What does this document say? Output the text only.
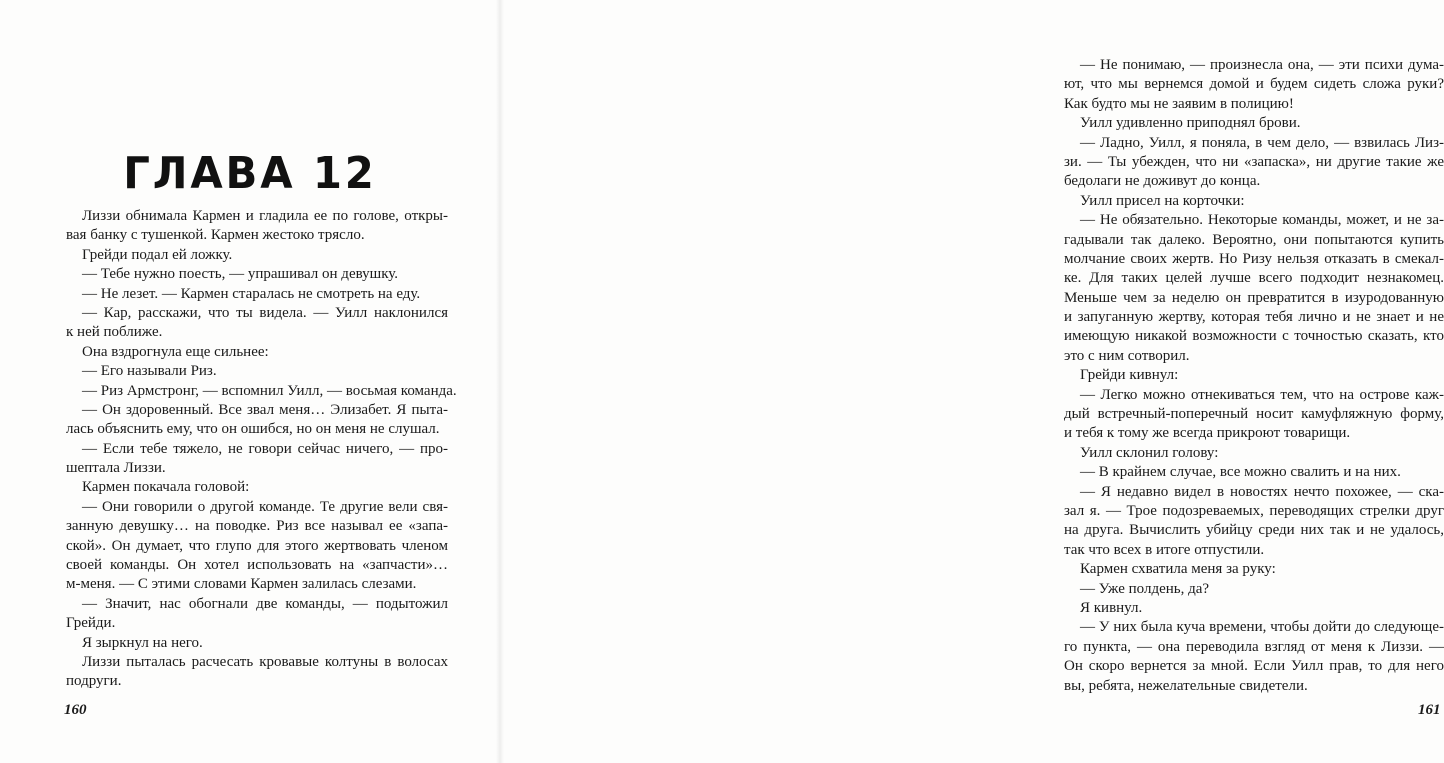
ГЛАВА 12
Лиззи обнимала Кармен и гладила ее по голове, откры-
вая банку с тушенкой. Кармен жестоко трясло.
Грейди подал ей ложку.
— Тебе нужно поесть, — упрашивал он девушку.
— Не лезет. — Кармен старалась не смотреть на еду.
— Кар, расскажи, что ты видела. — Уилл наклонился
к ней поближе.
Она вздрогнула еще сильнее:
— Его называли Риз.
— Риз Армстронг, — вспомнил Уилл, — восьмая команда.
— Он здоровенный. Все звал меня… Элизабет. Я пыта-
лась объяснить ему, что он ошибся, но он меня не слушал.
— Если тебе тяжело, не говори сейчас ничего, — про-
шептала Лиззи.
Кармен покачала головой:
— Они говорили о другой команде. Те другие вели свя-
занную девушку… на поводке. Риз все называл ее «запа-
ской». Он думает, что глупо для этого жертвовать членом
своей команды. Он хотел использовать на «запчасти»…
м-меня. — С этими словами Кармен залилась слезами.
— Значит, нас обогнали две команды, — подытожил
Грейди.
Я зыркнул на него.
Лиззи пыталась расчесать кровавые колтуны в волосах
подруги.
160
— Не понимаю, — произнесла она, — эти психи дума-
ют, что мы вернемся домой и будем сидеть сложа руки?
Как будто мы не заявим в полицию!
Уилл удивленно приподнял брови.
— Ладно, Уилл, я поняла, в чем дело, — взвилась Лиз-
зи. — Ты убежден, что ни «запаска», ни другие такие же
бедолаги не доживут до конца.
Уилл присел на корточки:
— Не обязательно. Некоторые команды, может, и не за-
гадывали так далеко. Вероятно, они попытаются купить
молчание своих жертв. Но Ризу нельзя отказать в смекал-
ке. Для таких целей лучше всего подходит незнакомец.
Меньше чем за неделю он превратится в изуродованную
и запуганную жертву, которая тебя лично и не знает и не
имеющую никакой возможности с точностью сказать, кто
это с ним сотворил.
Грейди кивнул:
— Легко можно отнекиваться тем, что на острове каж-
дый встречный-поперечный носит камуфляжную форму,
и тебя к тому же всегда прикроют товарищи.
Уилл склонил голову:
— В крайнем случае, все можно свалить и на них.
— Я недавно видел в новостях нечто похожее, — ска-
зал я. — Трое подозреваемых, переводящих стрелки друг
на друга. Вычислить убийцу среди них так и не удалось,
так что всех в итоге отпустили.
Кармен схватила меня за руку:
— Уже полдень, да?
Я кивнул.
— У них была куча времени, чтобы дойти до следующе-
го пункта, — она переводила взгляд от меня к Лиззи. —
Он скоро вернется за мной. Если Уилл прав, то для него
вы, ребята, нежелательные свидетели.
161
